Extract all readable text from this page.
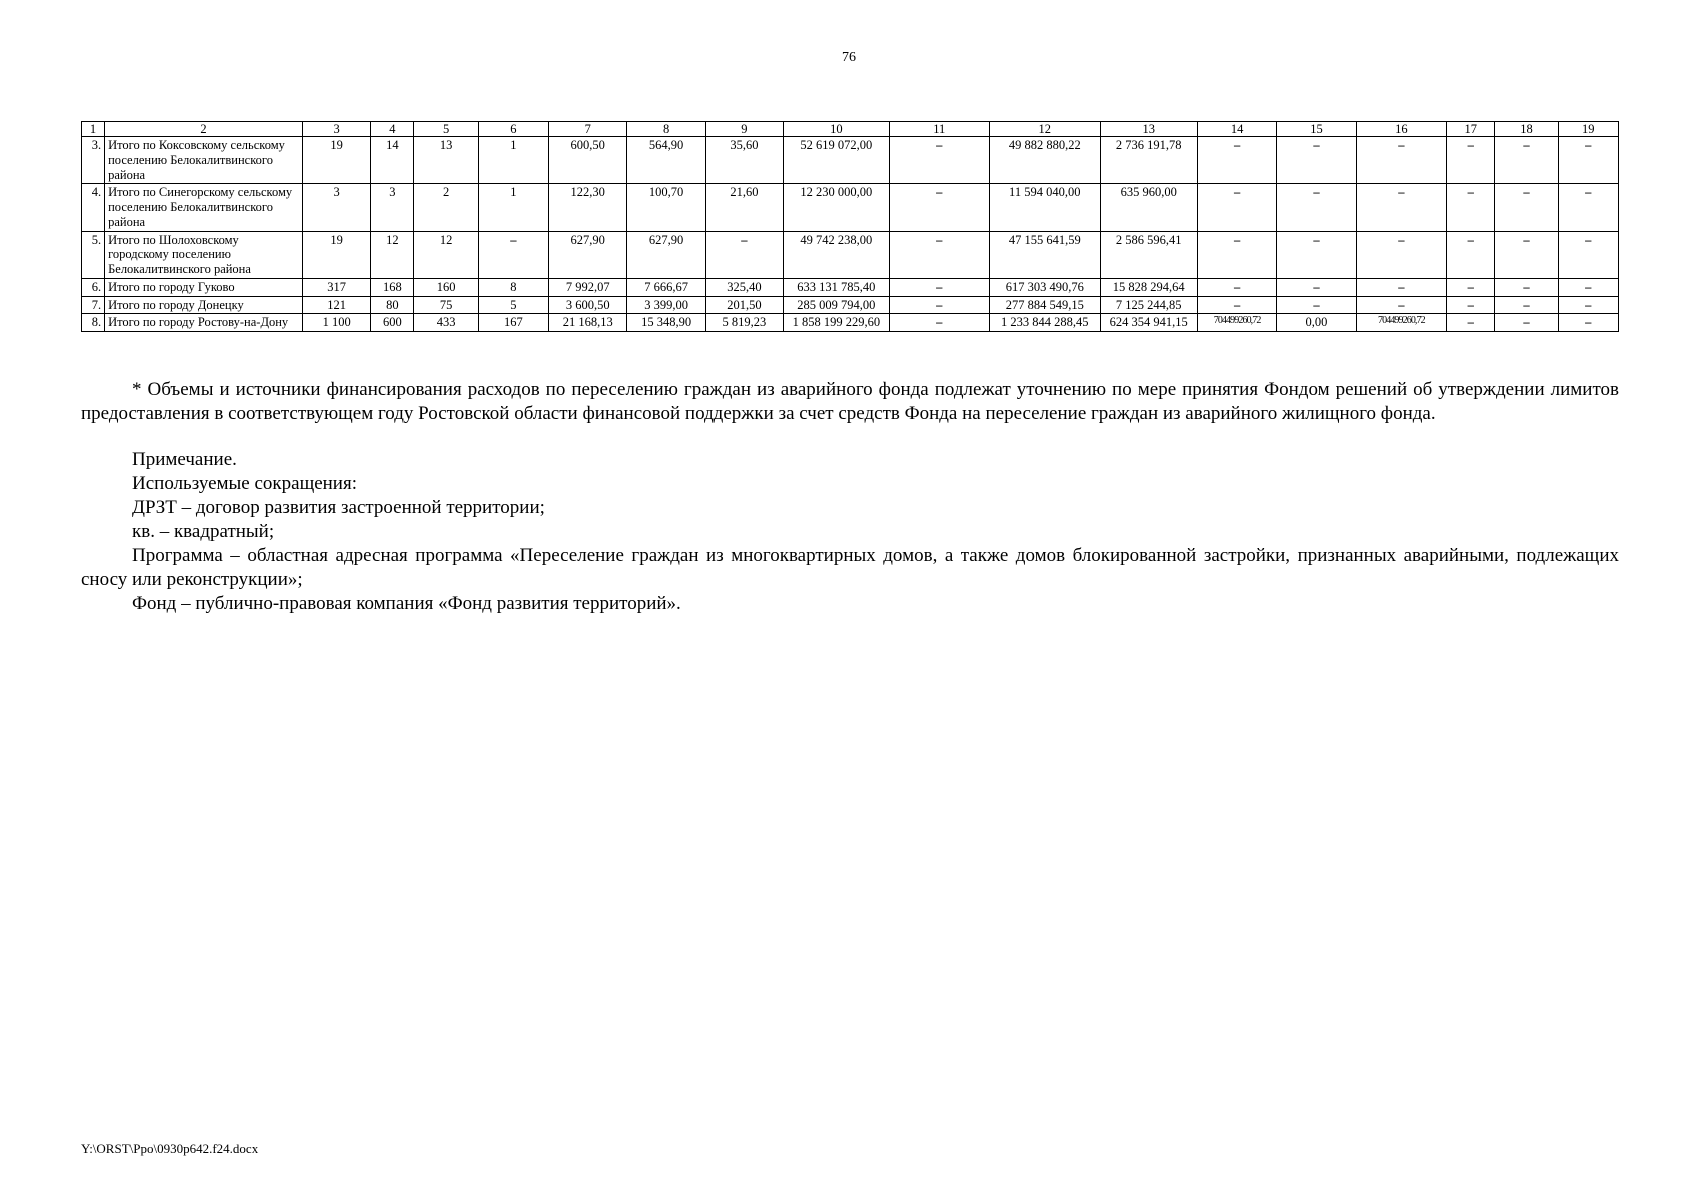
76
1	2	3	4	5	6	7	8	9	10	11	12	13	14	15	16	17	18	19
3.	Итого по Коксовскому сельскому поселению Белокалитвинского района	19	14	13	1	600,50	564,90	35,60	52 619 072,00	–	49 882 880,22	2 736 191,78	–	–	–	–	–	–
4.	Итого по Синегорскому сельскому поселению Белокалитвинского района	3	3	2	1	122,30	100,70	21,60	12 230 000,00	–	11 594 040,00	635 960,00	–	–	–	–	–	–
5.	Итого по Шолоховскому городскому поселению Белокалитвинского района	19	12	12	–	627,90	627,90	–	49 742 238,00	–	47 155 641,59	2 586 596,41	–	–	–	–	–	–
6.	Итого по городу Гуково	317	168	160	8	7 992,07	7 666,67	325,40	633 131 785,40	–	617 303 490,76	15 828 294,64	–	–	–	–	–	–
7.	Итого по городу Донецку	121	80	75	5	3 600,50	3 399,00	201,50	285 009 794,00	–	277 884 549,15	7 125 244,85	–	–	–	–	–	–
8.	Итого по городу Ростову-на-Дону	1 100	600	433	167	21 168,13	15 348,90	5 819,23	1 858 199 229,60	–	1 233 844 288,45	624 354 941,15	704499260,72	0,00	704499260,72	–	–	–

* Объемы и источники финансирования расходов по переселению граждан из аварийного фонда подлежат уточнению по мере принятия Фондом решений об утверждении лимитов предоставления в соответствующем году Ростовской области финансовой поддержки за счет средств Фонда на переселение граждан из аварийного жилищного фонда.

Примечание.

Используемые сокращения:

ДРЗТ – договор развития застроенной территории;

кв. – квадратный;

Программа – областная адресная программа «Переселение граждан из многоквартирных домов, а также домов блокированной застройки, признанных аварийными, подлежащих сносу или реконструкции»;

Фонд – публично-правовая компания «Фонд развития территорий».

Y:\ORST\Ppo\0930p642.f24.docx
